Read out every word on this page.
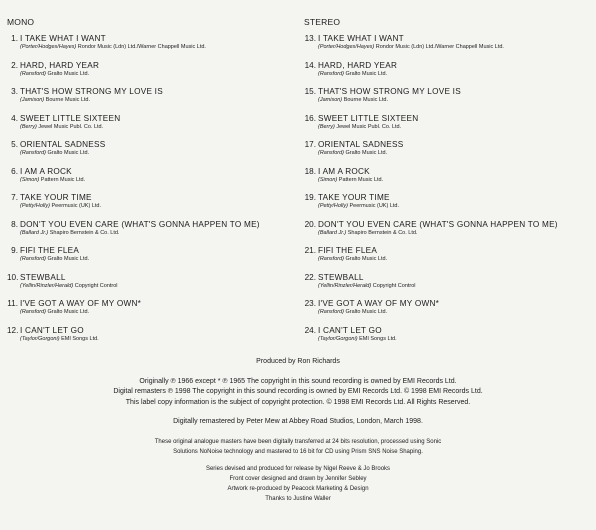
MONO
1. I TAKE WHAT I WANT
(Porter/Hodges/Hayes) Rondor Music (Ldn) Ltd./Warner Chappell Music Ltd.
2. HARD, HARD YEAR
(Ransford) Gralto Music Ltd.
3. THAT'S HOW STRONG MY LOVE IS
(Jamison) Bourne Music Ltd.
4. SWEET LITTLE SIXTEEN
(Berry) Jewel Music Publ. Co. Ltd.
5. ORIENTAL SADNESS
(Ransford) Gralto Music Ltd.
6. I AM A ROCK
(Simon) Pattern Music Ltd.
7. TAKE YOUR TIME
(Petty/Holly) Peermusic (UK) Ltd.
8. DON'T YOU EVEN CARE (WHAT'S GONNA HAPPEN TO ME)
(Ballard Jr.) Shapiro Bernstein & Co. Ltd.
9. FIFI THE FLEA
(Ransford) Gralto Music Ltd.
10. STEWBALL
(Yellin/Rinzler/Herald) Copyright Control
11. I'VE GOT A WAY OF MY OWN*
(Ransford) Gralto Music Ltd.
12. I CAN'T LET GO
(Taylor/Gorgoni) EMI Songs Ltd.
STEREO
13. I TAKE WHAT I WANT
(Porter/Hodges/Hayes) Rondor Music (Ldn) Ltd./Warner Chappell Music Ltd.
14. HARD, HARD YEAR
(Ransford) Gralto Music Ltd.
15. THAT'S HOW STRONG MY LOVE IS
(Jamison) Bourne Music Ltd.
16. SWEET LITTLE SIXTEEN
(Berry) Jewel Music Publ. Co. Ltd.
17. ORIENTAL SADNESS
(Ransford) Gralto Music Ltd.
18. I AM A ROCK
(Simon) Pattern Music Ltd.
19. TAKE YOUR TIME
(Petty/Holly) Peermusic (UK) Ltd.
20. DON'T YOU EVEN CARE (WHAT'S GONNA HAPPEN TO ME)
(Ballard Jr.) Shapiro Bernstein & Co. Ltd.
21. FIFI THE FLEA
(Ransford) Gralto Music Ltd.
22. STEWBALL
(Yellin/Rinzler/Herald) Copyright Control
23. I'VE GOT A WAY OF MY OWN*
(Ransford) Gralto Music Ltd.
24. I CAN'T LET GO
(Taylor/Gorgoni) EMI Songs Ltd.
Produced by Ron Richards
Originally ℗ 1966 except * ℗ 1965 The copyright in this sound recording is owned by EMI Records Ltd.
Digital remasters ℗ 1998 The copyright in this sound recording is owned by EMI Records Ltd. © 1998 EMI Records Ltd.
This label copy information is the subject of copyright protection. © 1998 EMI Records Ltd. All Rights Reserved.
Digitally remastered by Peter Mew at Abbey Road Studios, London, March 1998.
These original analogue masters have been digitally transferred at 24 bits resolution, processed using Sonic
Solutions NoNoise technology and mastered to 16 bit for CD using Prism SNS Noise Shaping.
Series devised and produced for release by Nigel Reeve & Jo Brooks
Front cover designed and drawn by Jennifer Sebley
Artwork re-produced by Peacock Marketing & Design
Thanks to Justine Waller
